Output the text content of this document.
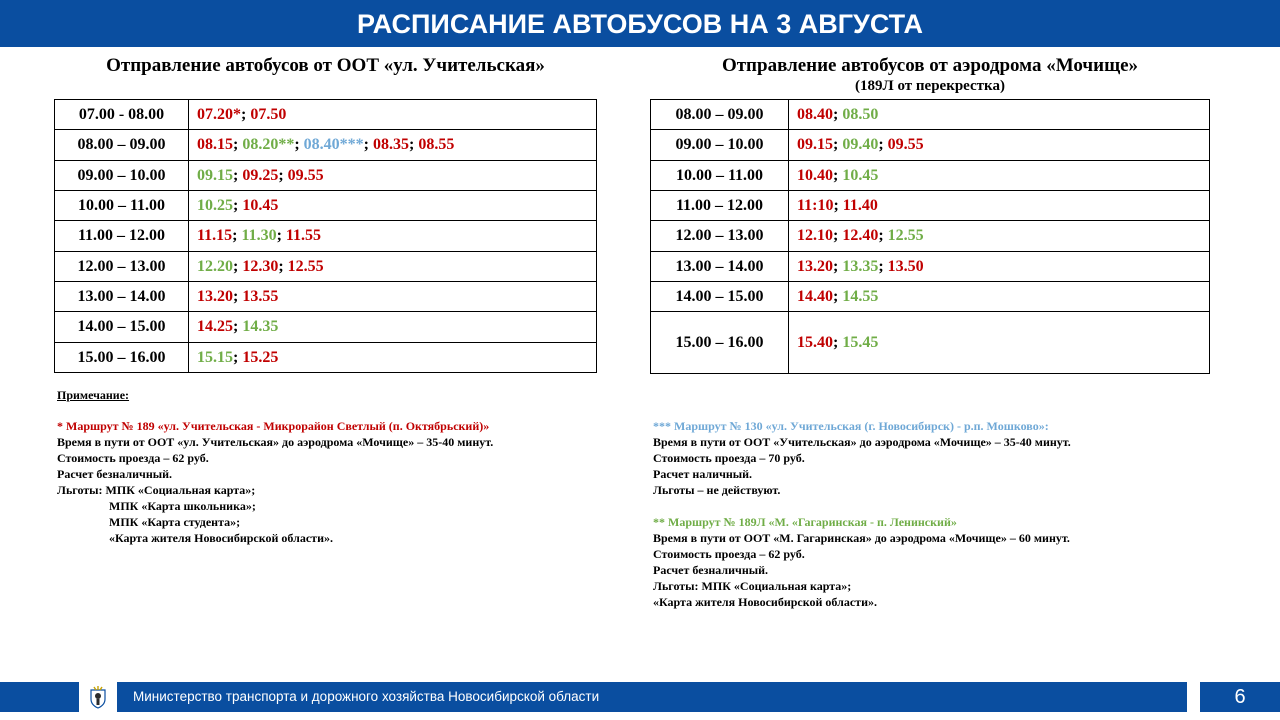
РАСПИСАНИЕ АВТОБУСОВ НА 3 АВГУСТА
Отправление автобусов от ООТ «ул. Учительская»	Отправление автобусов от аэродрома «Мочище»
(189Л от перекрестка)
07.00 - 08.00	07.20*; 07.50
08.00 – 09.00	08.15; 08.20**; 08.40***; 08.35; 08.55
09.00 – 10.00	09.15; 09.25; 09.55
10.00 – 11.00	10.25; 10.45
11.00 – 12.00	11.15; 11.30; 11.55
12.00 – 13.00	12.20; 12.30; 12.55
13.00 – 14.00	13.20; 13.55
14.00 – 15.00	14.25; 14.35
15.00 – 16.00	15.15; 15.25
08.00 – 09.00	08.40; 08.50
09.00 – 10.00	09.15; 09.40; 09.55
10.00 – 11.00	10.40; 10.45
11.00 – 12.00	11:10; 11.40
12.00 – 13.00	12.10; 12.40; 12.55
13.00 – 14.00	13.20; 13.35; 13.50
14.00 – 15.00	14.40; 14.55
15.00 – 16.00	15.40; 15.45
Примечание:
* Маршрут № 189 «ул. Учительская - Микрорайон Светлый (п. Октябрьский)»
Время в пути от ООТ «ул. Учительская» до аэродрома «Мочище» – 35-40 минут.
Стоимость проезда – 62 руб.
Расчет безналичный.
Льготы: МПК «Социальная карта»;
МПК «Карта школьника»;
МПК «Карта студента»;
«Карта жителя Новосибирской области».
*** Маршрут № 130 «ул. Учительская (г. Новосибирск) - р.п. Мошково»:
Время в пути от ООТ «Учительская» до аэродрома «Мочище» – 35-40 минут.
Стоимость проезда – 70 руб.
Расчет наличный.
Льготы – не действуют.
** Маршрут № 189Л «М. «Гагаринская - п. Ленинский»
Время в пути от ООТ «М. Гагаринская» до аэродрома «Мочище» – 60 минут.
Стоимость проезда – 62 руб.
Расчет безналичный.
Льготы: МПК «Социальная карта»;
«Карта жителя Новосибирской области».
Министерство транспорта и дорожного хозяйства Новосибирской области	6
